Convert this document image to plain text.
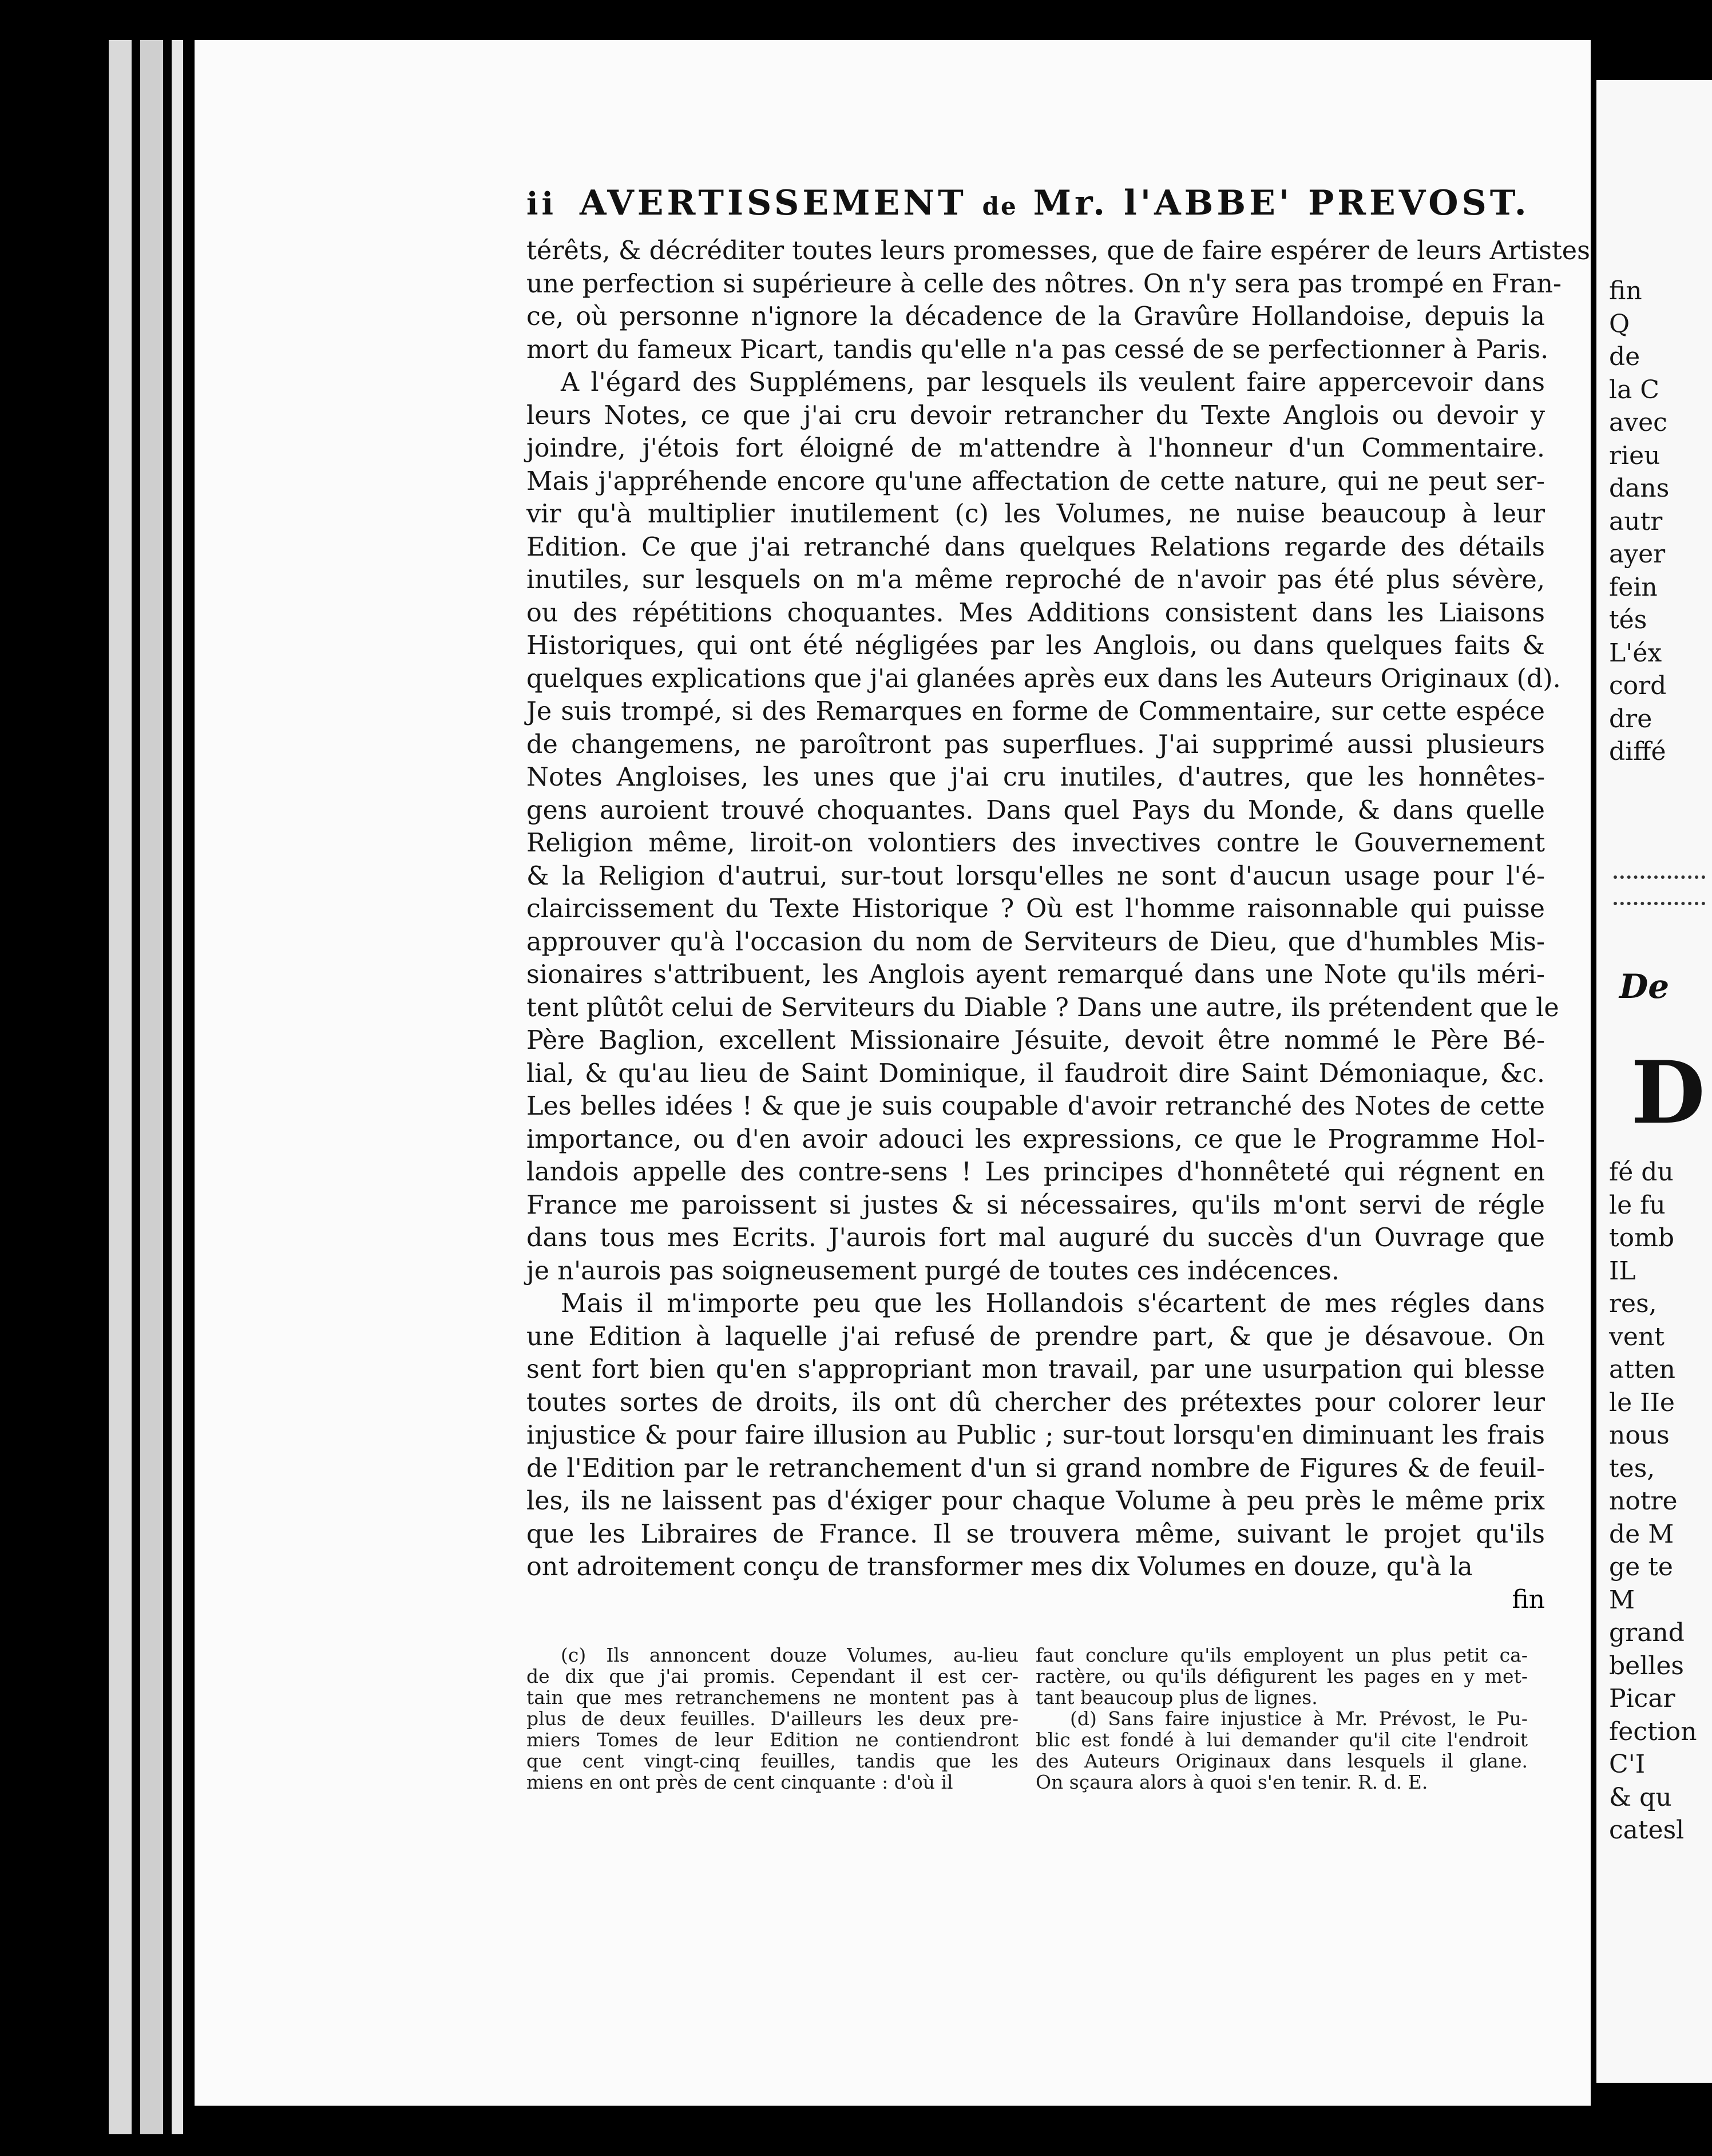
ii AVERTISSEMENT de Mr. l'ABBE' PREVOST.
térêts, & décréditer toutes leurs promesses, que de faire espérer de leurs Artistes
une perfection si supérieure à celle des nôtres. On n'y sera pas trompé en Fran-
ce, où personne n'ignore la décadence de la Gravûre Hollandoise, depuis la
mort du fameux Picart, tandis qu'elle n'a pas cessé de se perfectionner à Paris.
A l'égard des Supplémens, par lesquels ils veulent faire appercevoir dans
leurs Notes, ce que j'ai cru devoir retrancher du Texte Anglois ou devoir y
joindre, j'étois fort éloigné de m'attendre à l'honneur d'un Commentaire.
Mais j'appréhende encore qu'une affectation de cette nature, qui ne peut ser-
vir qu'à multiplier inutilement (c) les Volumes, ne nuise beaucoup à leur
Edition. Ce que j'ai retranché dans quelques Relations regarde des détails
inutiles, sur lesquels on m'a même reproché de n'avoir pas été plus sévère,
ou des répétitions choquantes. Mes Additions consistent dans les Liaisons
Historiques, qui ont été négligées par les Anglois, ou dans quelques faits &
quelques explications que j'ai glanées après eux dans les Auteurs Originaux (d).
Je suis trompé, si des Remarques en forme de Commentaire, sur cette espéce
de changemens, ne paroîtront pas superflues. J'ai supprimé aussi plusieurs
Notes Angloises, les unes que j'ai cru inutiles, d'autres, que les honnêtes-
gens auroient trouvé choquantes. Dans quel Pays du Monde, & dans quelle
Religion même, liroit-on volontiers des invectives contre le Gouvernement
& la Religion d'autrui, sur-tout lorsqu'elles ne sont d'aucun usage pour l'é-
claircissement du Texte Historique ? Où est l'homme raisonnable qui puisse
approuver qu'à l'occasion du nom de Serviteurs de Dieu, que d'humbles Mis-
sionaires s'attribuent, les Anglois ayent remarqué dans une Note qu'ils méri-
tent plûtôt celui de Serviteurs du Diable ? Dans une autre, ils prétendent que le
Père Baglion, excellent Missionaire Jésuite, devoit être nommé le Père Bé-
lial, & qu'au lieu de Saint Dominique, il faudroit dire Saint Démoniaque, &c.
Les belles idées ! & que je suis coupable d'avoir retranché des Notes de cette
importance, ou d'en avoir adouci les expressions, ce que le Programme Hol-
landois appelle des contre-sens ! Les principes d'honnêteté qui régnent en
France me paroissent si justes & si nécessaires, qu'ils m'ont servi de régle
dans tous mes Ecrits. J'aurois fort mal auguré du succès d'un Ouvrage que
je n'aurois pas soigneusement purgé de toutes ces indécences.
Mais il m'importe peu que les Hollandois s'écartent de mes régles dans
une Edition à laquelle j'ai refusé de prendre part, & que je désavoue. On
sent fort bien qu'en s'appropriant mon travail, par une usurpation qui blesse
toutes sortes de droits, ils ont dû chercher des prétextes pour colorer leur
injustice & pour faire illusion au Public ; sur-tout lorsqu'en diminuant les frais
de l'Edition par le retranchement d'un si grand nombre de Figures & de feuil-
les, ils ne laissent pas d'éxiger pour chaque Volume à peu près le même prix
que les Libraires de France. Il se trouvera même, suivant le projet qu'ils
ont adroitement conçu de transformer mes dix Volumes en douze, qu'à la
fin
(c) Ils annoncent douze Volumes, au-lieu
de dix que j'ai promis. Cependant il est cer-
tain que mes retranchemens ne montent pas à
plus de deux feuilles. D'ailleurs les deux pre-
miers Tomes de leur Edition ne contiendront
que cent vingt-cinq feuilles, tandis que les
miens en ont près de cent cinquante : d'où il
faut conclure qu'ils employent un plus petit ca-
ractère, ou qu'ils défigurent les pages en y met-
tant beaucoup plus de lignes.
(d) Sans faire injustice à Mr. Prévost, le Pu-
blic est fondé à lui demander qu'il cite l'endroit
des Auteurs Originaux dans lesquels il glane.
On sçaura alors à quoi s'en tenir. R. d. E.
fin
Q
de
la C
avec
rieu
dans
autr
ayer
fein
tés
L'éx
cord
dre
diffé
De
D
fé du
le fu
tomb
IL
res,
vent
atten
le IIe
nous
tes,
notre
de M
ge te
M
grand
belles
Picar
fection
C'I
& qu
catesl
